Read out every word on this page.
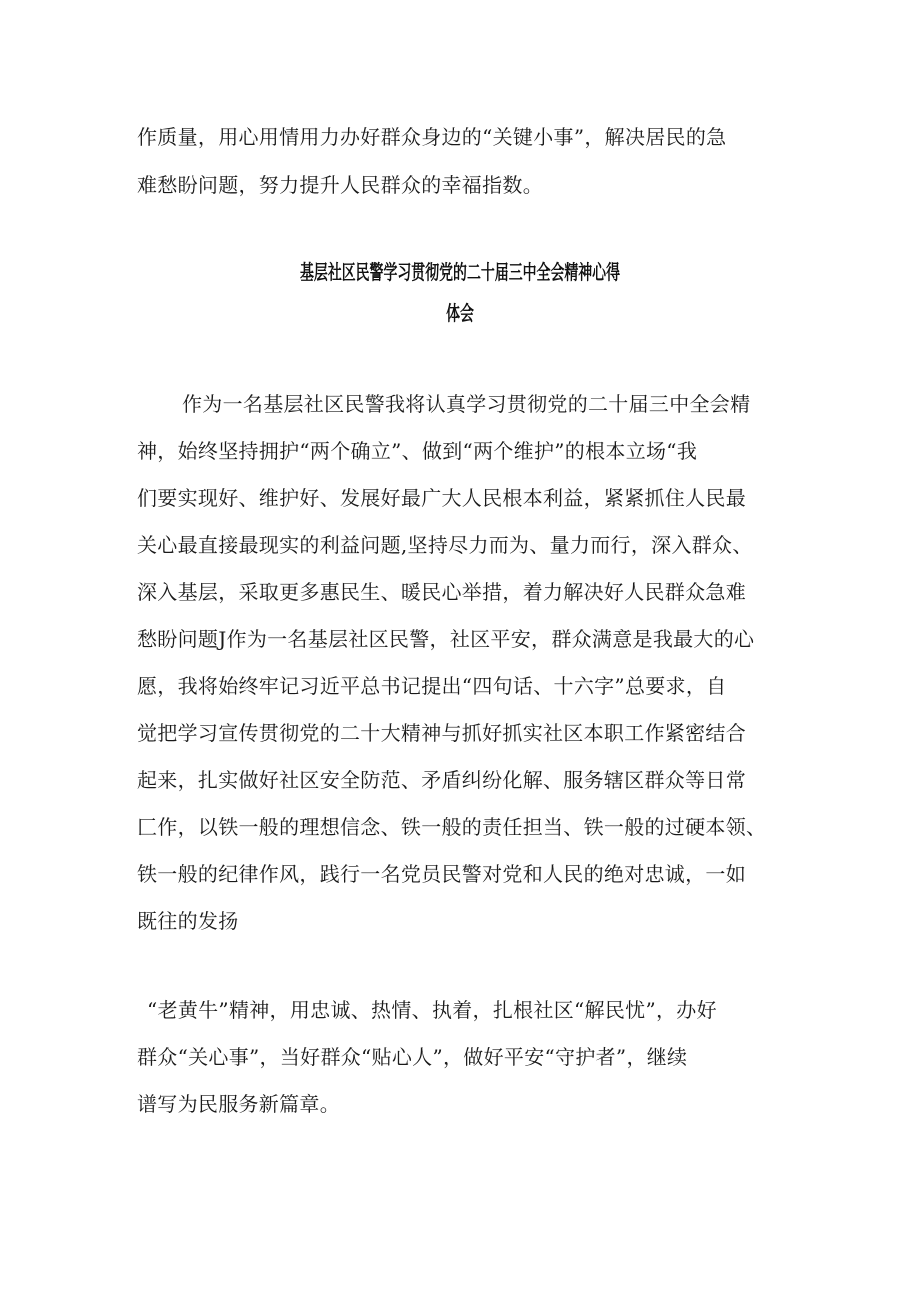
作质量，用心用情用力办好群众身边的“关键小事”，解决居民的急
难愁盼问题，努力提升人民群众的幸福指数。
基层社区民警学习贯彻党的二十届三中全会精神心得
体会
作为一名基层社区民警我将认真学习贯彻党的二十届三中全会精
神，始终坚持拥护“两个确立”、做到“两个维护”的根本立场“我
们要实现好、维护好、发展好最广大人民根本利益，紧紧抓住人民最
关心最直接最现实的利益问题,坚持尽力而为、量力而行，深入群众、
深入基层，采取更多惠民生、暖民心举措，着力解决好人民群众急难
愁盼问题J作为一名基层社区民警，社区平安，群众满意是我最大的心
愿，我将始终牢记习近平总书记提出“四句话、十六字”总要求，自
觉把学习宣传贯彻党的二十大精神与抓好抓实社区本职工作紧密结合
起来，扎实做好社区安全防范、矛盾纠纷化解、服务辖区群众等日常
匚作，以铁一般的理想信念、铁一般的责任担当、铁一般的过硬本领、
铁一般的纪律作风，践行一名党员民警对党和人民的绝对忠诚，一如
既往的发扬
“老黄牛”精神，用忠诚、热情、执着，扎根社区“解民忧”，办好
群众“关心事”，当好群众“贴心人”，做好平安“守护者”，继续
谱写为民服务新篇章。
